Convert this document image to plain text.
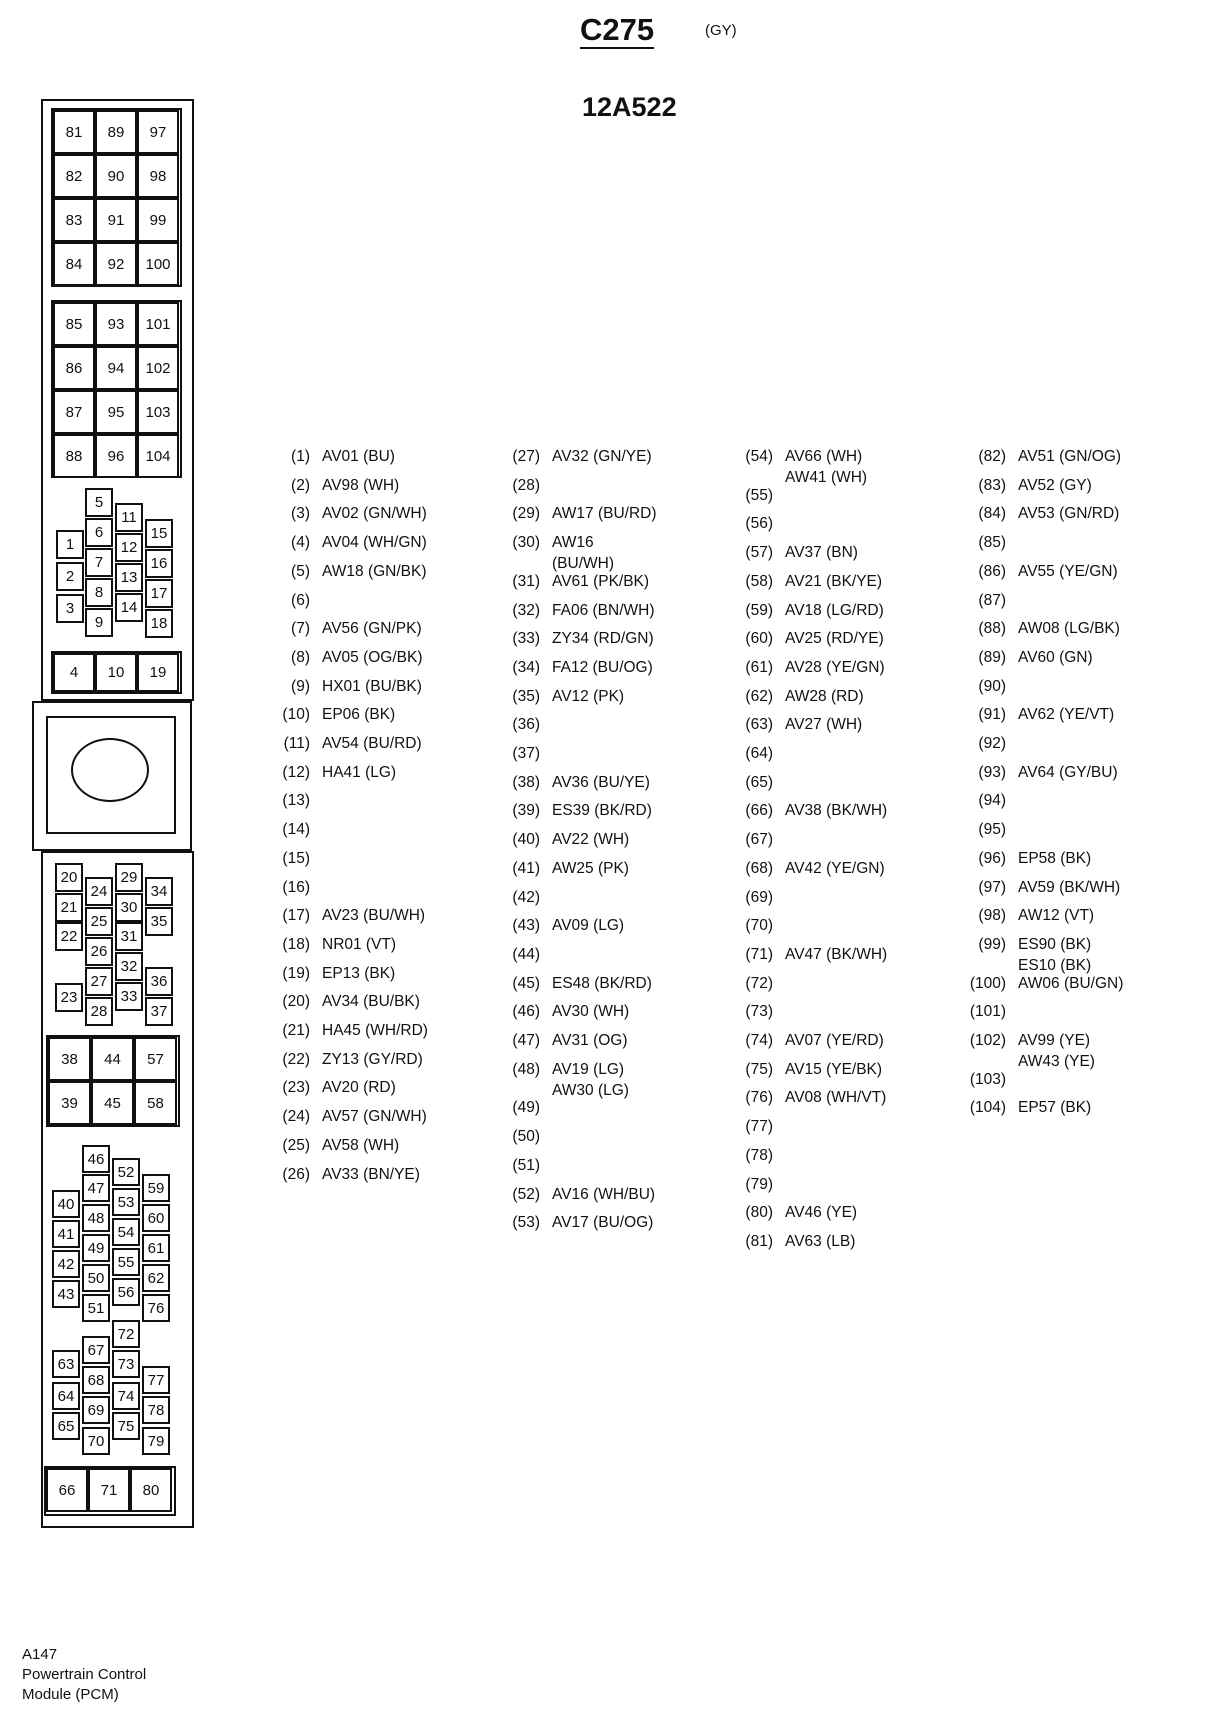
C275	(GY)
12A522
81	89	97
82	90	98
83	91	99
84	92	100
85	93	101
86	94	102
87	95	103
88	96	104
5
11
6	15
1	12
7	16
2	13
8	17
3	14
9	18
4	10	19
20	29
24	34
21	30
25	35
22	31
26
32
27	36
23	33
28	37
38	44	57
39	45	58
46
52
47	59
40	53
48	60
41	54
49	61
42	55
50	62
43	56
51	76
72
67
63	73
68	77
64	74
69	78
65	75
70	79
66	71	80
(1) AV01 (BU)
(2) AV98 (WH)
(3) AV02 (GN/WH)
(4) AV04 (WH/GN)
(5) AW18 (GN/BK)
(6)
(7) AV56 (GN/PK)
(8) AV05 (OG/BK)
(9) HX01 (BU/BK)
(10) EP06 (BK)
(11) AV54 (BU/RD)
(12) HA41 (LG)
(13)
(14)
(15)
(16)
(17) AV23 (BU/WH)
(18) NR01 (VT)
(19) EP13 (BK)
(20) AV34 (BU/BK)
(21) HA45 (WH/RD)
(22) ZY13 (GY/RD)
(23) AV20 (RD)
(24) AV57 (GN/WH)
(25) AV58 (WH)
(26) AV33 (BN/YE)
(27) AV32 (GN/YE)
(28)
(29) AW17 (BU/RD)
(30) AW16
(BU/WH)
(31) AV61 (PK/BK)
(32) FA06 (BN/WH)
(33) ZY34 (RD/GN)
(34) FA12 (BU/OG)
(35) AV12 (PK)
(36)
(37)
(38) AV36 (BU/YE)
(39) ES39 (BK/RD)
(40) AV22 (WH)
(41) AW25 (PK)
(42)
(43) AV09 (LG)
(44)
(45) ES48 (BK/RD)
(46) AV30 (WH)
(47) AV31 (OG)
(48) AV19 (LG)
AW30 (LG)
(49)
(50)
(51)
(52) AV16 (WH/BU)
(53) AV17 (BU/OG)
(54) AV66 (WH)
AW41 (WH)
(55)
(56)
(57) AV37 (BN)
(58) AV21 (BK/YE)
(59) AV18 (LG/RD)
(60) AV25 (RD/YE)
(61) AV28 (YE/GN)
(62) AW28 (RD)
(63) AV27 (WH)
(64)
(65)
(66) AV38 (BK/WH)
(67)
(68) AV42 (YE/GN)
(69)
(70)
(71) AV47 (BK/WH)
(72)
(73)
(74) AV07 (YE/RD)
(75) AV15 (YE/BK)
(76) AV08 (WH/VT)
(77)
(78)
(79)
(80) AV46 (YE)
(81) AV63 (LB)
(82) AV51 (GN/OG)
(83) AV52 (GY)
(84) AV53 (GN/RD)
(85)
(86) AV55 (YE/GN)
(87)
(88) AW08 (LG/BK)
(89) AV60 (GN)
(90)
(91) AV62 (YE/VT)
(92)
(93) AV64 (GY/BU)
(94)
(95)
(96) EP58 (BK)
(97) AV59 (BK/WH)
(98) AW12 (VT)
(99) ES90 (BK)
ES10 (BK)
(100) AW06 (BU/GN)
(101)
(102) AV99 (YE)
AW43 (YE)
(103)
(104) EP57 (BK)
A147
Powertrain Control
Module (PCM)
